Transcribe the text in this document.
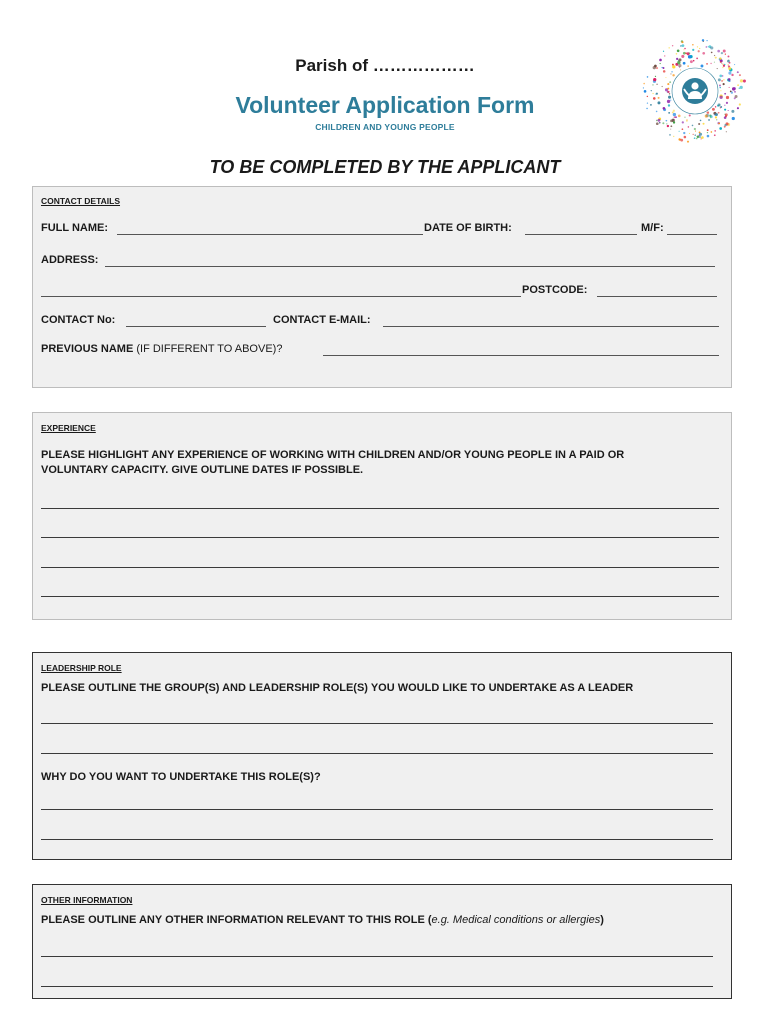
Parish of ………………
Volunteer Application Form
CHILDREN AND YOUNG PEOPLE
TO BE COMPLETED BY THE APPLICANT
CONTACT DETAILS
FULL NAME:	DATE OF BIRTH:	M/F:
ADDRESS:
POSTCODE:
CONTACT No:	CONTACT E-MAIL:
PREVIOUS NAME (IF DIFFERENT TO ABOVE)?
EXPERIENCE
PLEASE HIGHLIGHT ANY EXPERIENCE OF WORKING WITH CHILDREN AND/OR YOUNG PEOPLE IN A PAID OR
VOLUNTARY CAPACITY. GIVE OUTLINE DATES IF POSSIBLE.
LEADERSHIP ROLE
PLEASE OUTLINE THE GROUP(S) AND LEADERSHIP ROLE(S) YOU WOULD LIKE TO UNDERTAKE AS A LEADER
WHY DO YOU WANT TO UNDERTAKE THIS ROLE(S)?
OTHER INFORMATION
PLEASE OUTLINE ANY OTHER INFORMATION RELEVANT TO THIS ROLE (e.g. Medical conditions or allergies)
